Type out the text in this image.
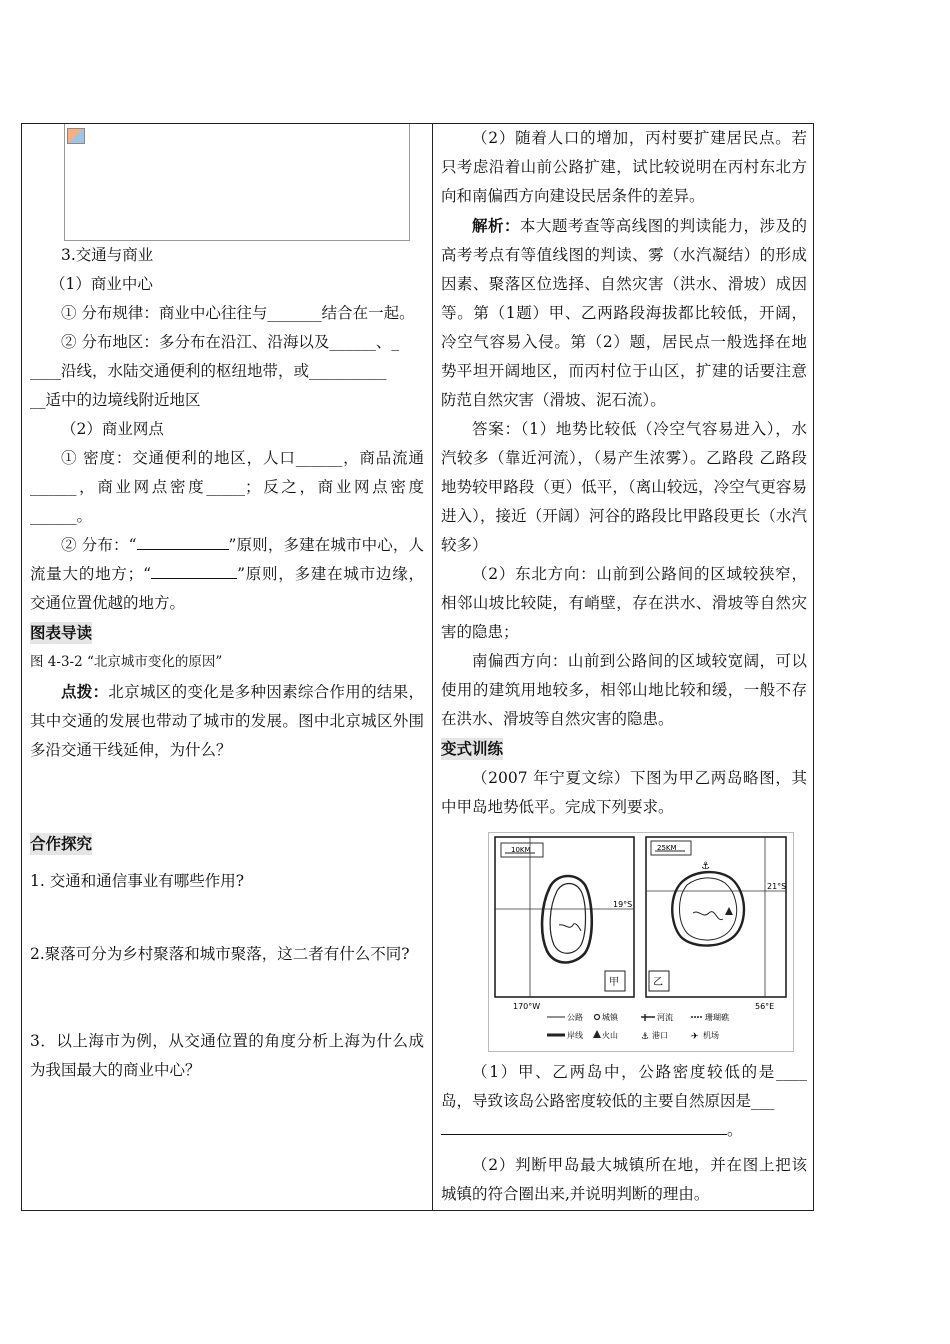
3.交通与商业

（1）商业中心

① 分布规律：商业中心往往与_______结合在一起。

② 分布地区：多分布在沿江、沿海以及______、_

____沿线，水陆交通便利的枢纽地带，或__________

__适中的边境线附近地区

（2）商业网点

① 密度：交通便利的地区，人口______，商品流通______，商业网点密度_____；反之，商业网点密度______。

② 分布：“	”原则，多建在城市中心，人流量大的地方；“	”原则，多建在城市边缘，交通位置优越的地方。

图表导读

图 4-3-2 “北京城市变化的原因”

点拨：北京城区的变化是多种因素综合作用的结果，其中交通的发展也带动了城市的发展。图中北京城区外围多沿交通干线延伸，为什么？

合作探究

1. 交通和通信事业有哪些作用?

2.聚落可分为乡村聚落和城市聚落，这二者有什么不同?

3．以上海市为例，从交通位置的角度分析上海为什么成为我国最大的商业中心？

（2）随着人口的增加，丙村要扩建居民点。若只考虑沿着山前公路扩建，试比较说明在丙村东北方向和南偏西方向建设民居条件的差异。

解析：本大题考查等高线图的判读能力，涉及的高考考点有等值线图的判读、雾（水汽凝结）的形成因素、聚落区位选择、自然灾害（洪水、滑坡）成因等。第（1题）甲、乙两路段海拔都比较低，开阔，冷空气容易入侵。第（2）题，居民点一般选择在地势平坦开阔地区，而丙村位于山区，扩建的话要注意防范自然灾害（滑坡、泥石流）。

答案：（1）地势比较低（冷空气容易进入），水汽较多（靠近河流），（易产生浓雾）。乙路段 乙路段地势较甲路段（更）低平，（离山较远，冷空气更容易进入），接近（开阔）河谷的路段比甲路段更长（水汽较多）

（2）东北方向：山前到公路间的区域较狭窄，相邻山坡比较陡，有峭壁，存在洪水、滑坡等自然灾害的隐患；

南偏西方向：山前到公路间的区域较宽阔，可以使用的建筑用地较多，相邻山地比较和缓，一般不存在洪水、滑坡等自然灾害的隐患。

变式训练

（2007 年宁夏文综）下图为甲乙两岛略图，其中甲岛地势低平。完成下列要求。

10KM
19°S
甲
25KM
⚓
21°S
乙
170°W	56°E
公路 城镇	河流	珊瑚礁
岸线 火山	⚓ 港口	✈ 机场

（1）甲、乙两岛中，公路密度较低的是____岛，导致该岛公路密度较低的主要自然原因是___

。

（2）判断甲岛最大城镇所在地，并在图上把该城镇的符合圈出来,并说明判断的理由。
